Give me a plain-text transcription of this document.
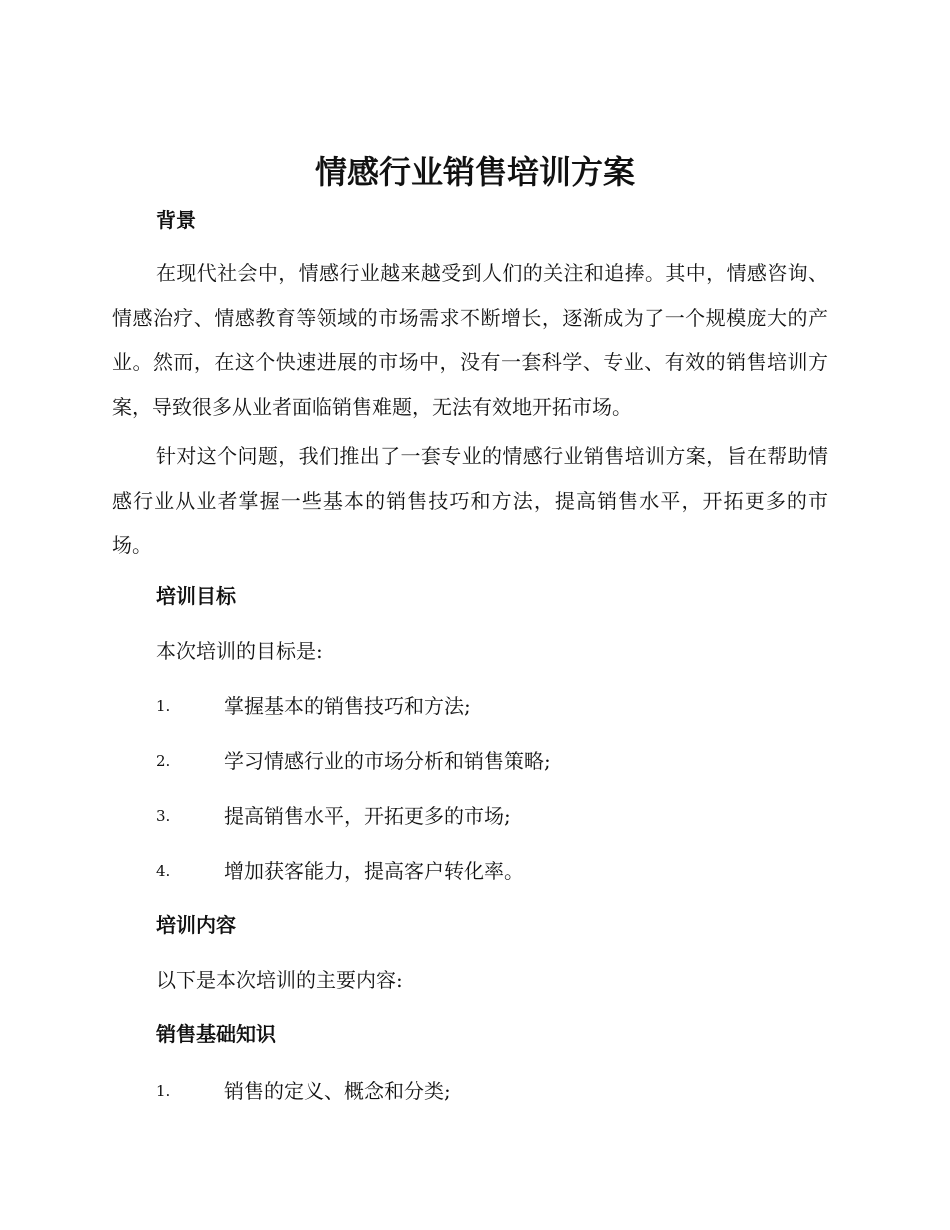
情感行业销售培训方案
背景

在现代社会中，情感行业越来越受到人们的关注和追捧。其中，情感咨询、情感治疗、情感教育等领域的市场需求不断增长，逐渐成为了一个规模庞大的产业。然而，在这个快速进展的市场中，没有一套科学、专业、有效的销售培训方案，导致很多从业者面临销售难题，无法有效地开拓市场。

针对这个问题，我们推出了一套专业的情感行业销售培训方案，旨在帮助情感行业从业者掌握一些基本的销售技巧和方法，提高销售水平，开拓更多的市场。

培训目标

本次培训的目标是:

1.	掌握基本的销售技巧和方法;
2.	学习情感行业的市场分析和销售策略;
3.	提高销售水平，开拓更多的市场;
4.	增加获客能力，提高客户转化率。
培训内容

以下是本次培训的主要内容:

销售基础知识
1.	销售的定义、概念和分类;
